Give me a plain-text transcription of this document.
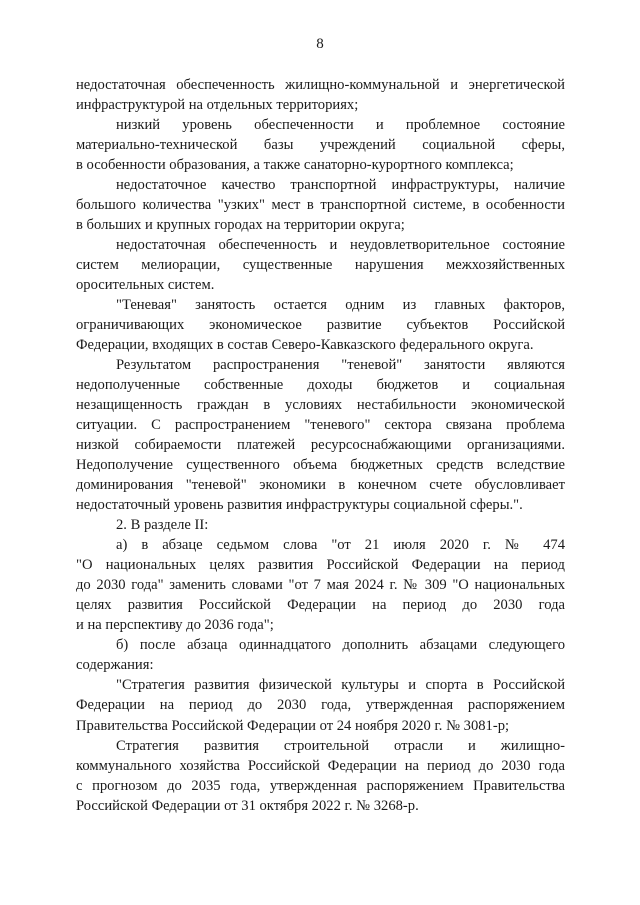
8
недостаточная обеспеченность жилищно-коммунальной и энергетической
инфраструктурой на отдельных территориях;
низкий уровень обеспеченности и проблемное состояние
материально-технической базы учреждений социальной сферы,
в особенности образования, а также санаторно-курортного комплекса;
недостаточное качество транспортной инфраструктуры, наличие
большого количества "узких" мест в транспортной системе, в особенности
в больших и крупных городах на территории округа;
недостаточная обеспеченность и неудовлетворительное состояние
систем мелиорации, существенные нарушения межхозяйственных
оросительных систем.
"Теневая" занятость остается одним из главных факторов,
ограничивающих экономическое развитие субъектов Российской
Федерации, входящих в состав Северо-Кавказского федерального округа.
Результатом распространения "теневой" занятости являются
недополученные собственные доходы бюджетов и социальная
незащищенность граждан в условиях нестабильности экономической
ситуации. С распространением "теневого" сектора связана проблема
низкой собираемости платежей ресурсоснабжающими организациями.
Недополучение существенного объема бюджетных средств вследствие
доминирования "теневой" экономики в конечном счете обусловливает
недостаточный уровень развития инфраструктуры социальной сферы.".
2. В разделе II:
а) в абзаце седьмом слова "от 21 июля 2020 г. № 474
"О национальных целях развития Российской Федерации на период
до 2030 года" заменить словами "от 7 мая 2024 г. № 309 "О национальных
целях развития Российской Федерации на период до 2030 года
и на перспективу до 2036 года";
б) после абзаца одиннадцатого дополнить абзацами следующего
содержания:
"Стратегия развития физической культуры и спорта в Российской
Федерации на период до 2030 года, утвержденная распоряжением
Правительства Российской Федерации от 24 ноября 2020 г. № 3081-р;
Стратегия развития строительной отрасли и жилищно-
коммунального хозяйства Российской Федерации на период до 2030 года
с прогнозом до 2035 года, утвержденная распоряжением Правительства
Российской Федерации от 31 октября 2022 г. № 3268-р.
